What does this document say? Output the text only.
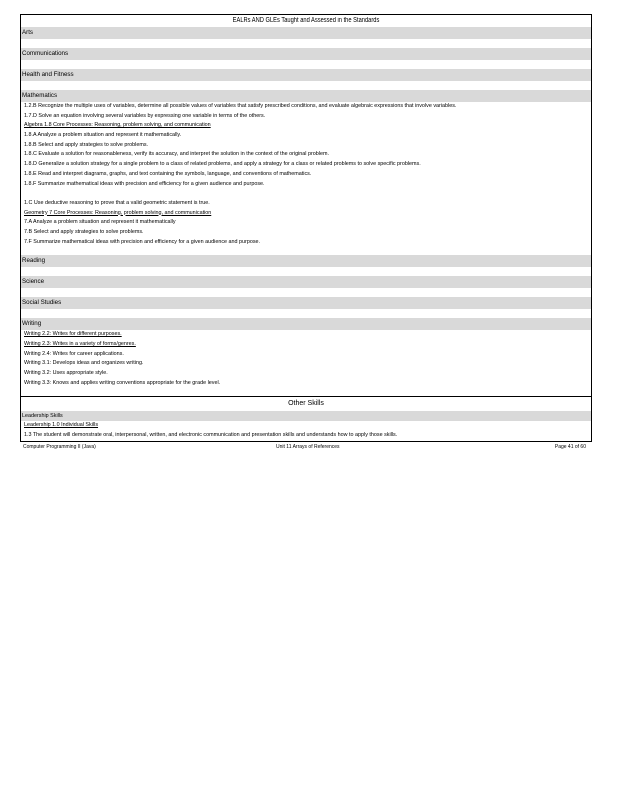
EALRs AND GLEs Taught and Assessed in the Standards
Arts
Communications
Health and Fitness
Mathematics
1.2.B Recognize the multiple uses of variables, determine all possible values of variables that satisfy prescribed conditions, and evaluate algebraic expressions that involve variables.
1.7.D Solve an equation involving several variables by expressing one variable in terms of the others.
Algebra 1.8 Core Processes: Reasoning, problem solving, and communication
1.8.A Analyze a problem situation and represent it mathematically.
1.8.B Select and apply strategies to solve problems.
1.8.C Evaluate a solution for reasonableness, verify its accuracy, and interpret the solution in the context of the original problem.
1.8.D Generalize a solution strategy for a single problem to a class of related problems, and apply a strategy for a class or related problems to solve specific problems.
1.8.E Read and interpret diagrams, graphs, and text containing the symbols, language, and conventions of mathematics.
1.8.F Summarize mathematical ideas with precision and efficiency for a given audience and purpose.
1.C Use deductive reasoning to prove that a valid geometric statement is true.
Geometry 7 Core Processes: Reasoning, problem solving, and communication
7.A Analyze a problem situation and represent it mathematically
7.B Select and apply strategies to solve problems.
7.F Summarize mathematical ideas with precision and efficiency for a given audience and purpose.
Reading
Science
Social Studies
Writing
Writing 2.2: Writes for different purposes.
Writing 2.3: Writes in a variety of forms/genres.
Writing 2.4: Writes for career applications.
Writing 3.1: Develops ideas and organizes writing.
Writing 3.2: Uses appropriate style.
Writing 3.3: Knows and applies writing conventions appropriate for the grade level.
Other Skills
Leadership Skills
Leadership 1.0 Individual Skills
1.3 The student will demonstrate oral, interpersonal, written, and electronic communication and presentation skills and understands how to apply those skills.
Computer Programming II (Java)	Unit 11 Arrays of References	Page 41 of 60
